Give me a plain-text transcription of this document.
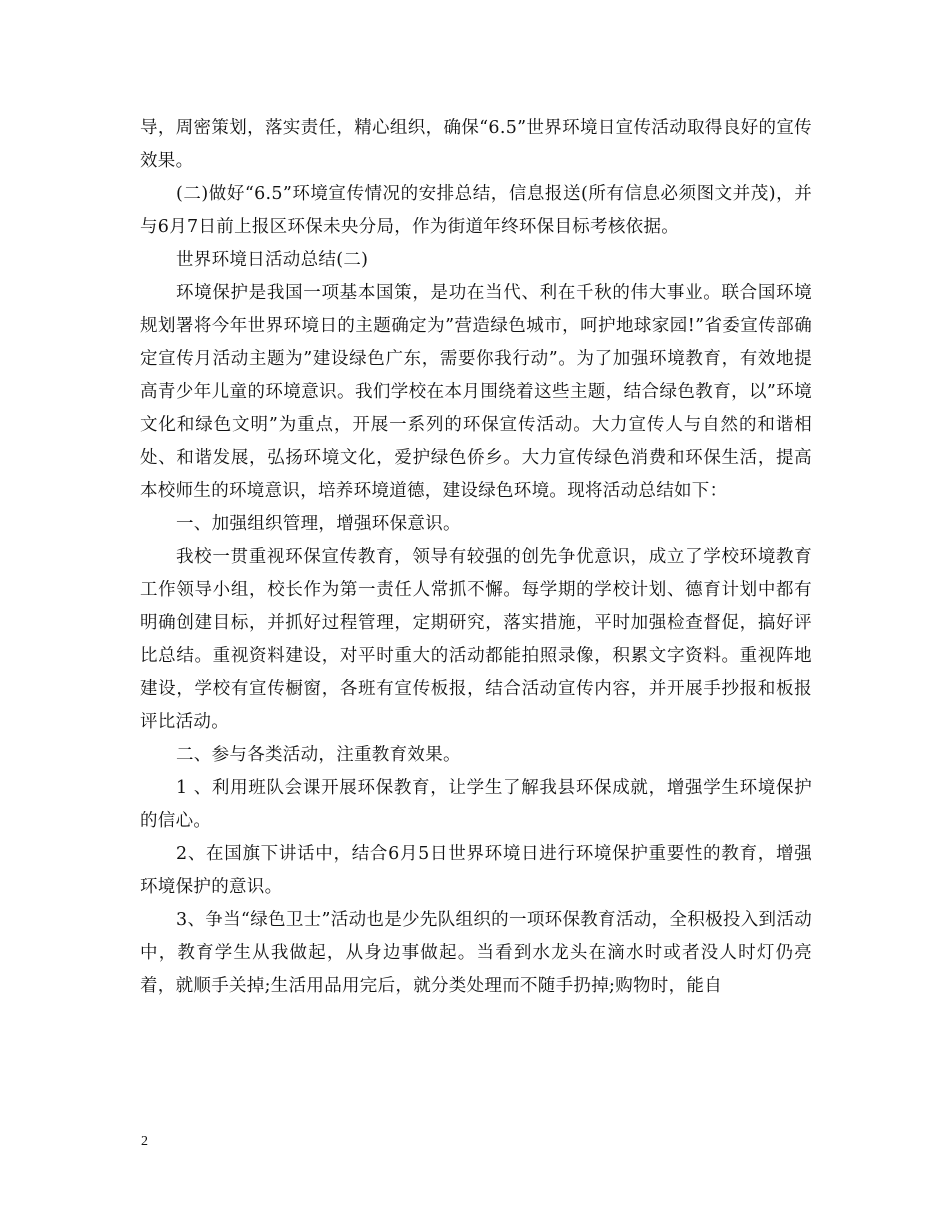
导，周密策划，落实责任，精心组织，确保“6.5”世界环境日宣传活动取得良好的宣传效果。

(二)做好“6.5”环境宣传情况的安排总结，信息报送(所有信息必须图文并茂)，并与6月7日前上报区环保未央分局，作为街道年终环保目标考核依据。

世界环境日活动总结(二)

环境保护是我国一项基本国策，是功在当代、利在千秋的伟大事业。联合国环境规划署将今年世界环境日的主题确定为”营造绿色城市，呵护地球家园!”省委宣传部确定宣传月活动主题为”建设绿色广东，需要你我行动”。为了加强环境教育，有效地提高青少年儿童的环境意识。我们学校在本月围绕着这些主题，结合绿色教育，以”环境文化和绿色文明”为重点，开展一系列的环保宣传活动。大力宣传人与自然的和谐相处、和谐发展，弘扬环境文化，爱护绿色侨乡。大力宣传绿色消费和环保生活，提高本校师生的环境意识，培养环境道德，建设绿色环境。现将活动总结如下：

一、加强组织管理，增强环保意识。

我校一贯重视环保宣传教育，领导有较强的创先争优意识，成立了学校环境教育工作领导小组，校长作为第一责任人常抓不懈。每学期的学校计划、德育计划中都有明确创建目标，并抓好过程管理，定期研究，落实措施，平时加强检查督促，搞好评比总结。重视资料建设，对平时重大的活动都能拍照录像，积累文字资料。重视阵地建设，学校有宣传橱窗，各班有宣传板报，结合活动宣传内容，并开展手抄报和板报评比活动。

二、参与各类活动，注重教育效果。

1 、利用班队会课开展环保教育，让学生了解我县环保成就，增强学生环境保护的信心。

2、在国旗下讲话中，结合6月5日世界环境日进行环境保护重要性的教育，增强环境保护的意识。

3、争当“绿色卫士”活动也是少先队组织的一项环保教育活动，全积极投入到活动中，教育学生从我做起，从身边事做起。当看到水龙头在滴水时或者没人时灯仍亮着，就顺手关掉;生活用品用完后，就分类处理而不随手扔掉;购物时，能自

2
